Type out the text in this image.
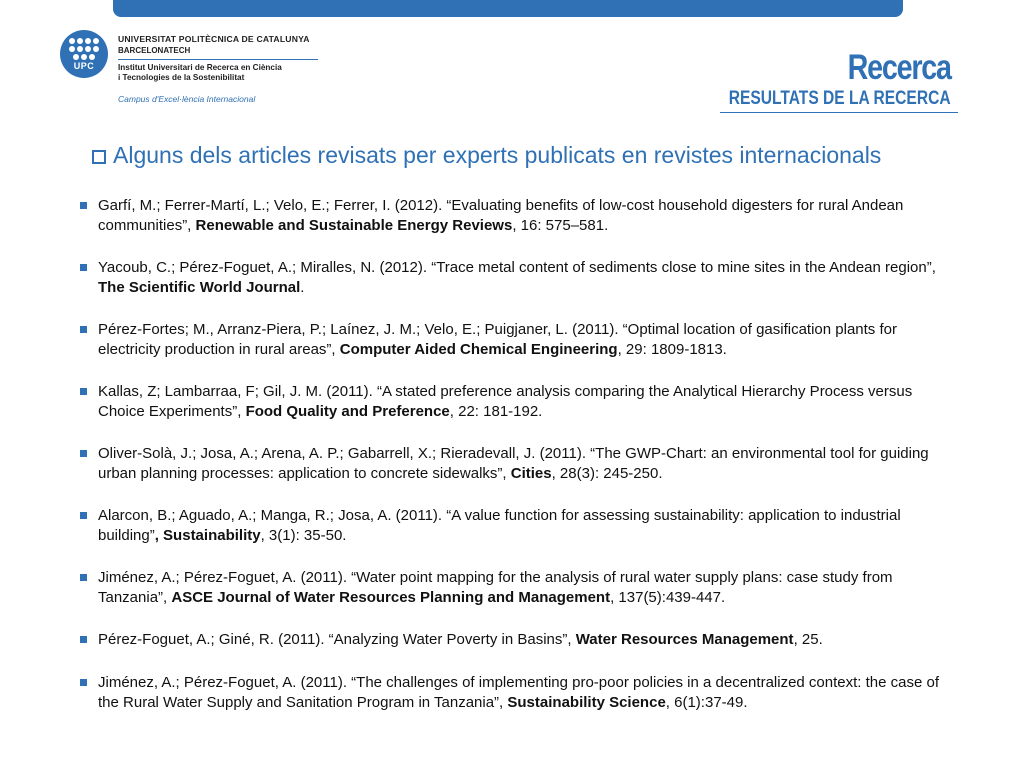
UPC
UNIVERSITAT POLITÈCNICA DE CATALUNYA
BARCELONATECH
Institut Universitari de Recerca en Ciència
i Tecnologies de la Sostenibilitat
Campus d'Excel·lència Internacional
Recerca
RESULTATS DE LA RECERCA
Alguns dels articles revisats per experts publicats en revistes internacionals
Garfí, M.; Ferrer-Martí, L.; Velo, E.; Ferrer, I. (2012). “Evaluating benefits of low-cost household digesters for rural Andean communities”, Renewable and Sustainable Energy Reviews, 16: 575–581.
Yacoub, C.; Pérez-Foguet, A.; Miralles, N. (2012). “Trace metal content of sediments close to mine sites in the Andean region”, The Scientific World Journal.
Pérez-Fortes; M., Arranz-Piera, P.; Laínez, J. M.; Velo, E.; Puigjaner, L. (2011). “Optimal location of gasification plants for electricity production in rural areas”, Computer Aided Chemical Engineering, 29: 1809-1813.
Kallas, Z; Lambarraa, F; Gil, J. M. (2011). “A stated preference analysis comparing the Analytical Hierarchy Process versus Choice Experiments”, Food Quality and Preference, 22: 181-192.
Oliver-Solà, J.; Josa, A.; Arena, A. P.; Gabarrell, X.; Rieradevall, J. (2011). “The GWP-Chart: an environmental tool for guiding urban planning processes: application to concrete sidewalks”, Cities, 28(3): 245-250.
Alarcon, B.; Aguado, A.; Manga, R.; Josa, A. (2011). “A value function for assessing sustainability: application to industrial building”, Sustainability, 3(1): 35-50.
Jiménez, A.; Pérez-Foguet, A. (2011). “Water point mapping for the analysis of rural water supply plans: case study from Tanzania”, ASCE Journal of Water Resources Planning and Management, 137(5):439-447.
Pérez-Foguet, A.; Giné, R. (2011). “Analyzing Water Poverty in Basins”, Water Resources Management, 25.
Jiménez, A.; Pérez-Foguet, A. (2011). “The challenges of implementing pro-poor policies in a decentralized context: the case of the Rural Water Supply and Sanitation Program in Tanzania”, Sustainability Science, 6(1):37-49.
